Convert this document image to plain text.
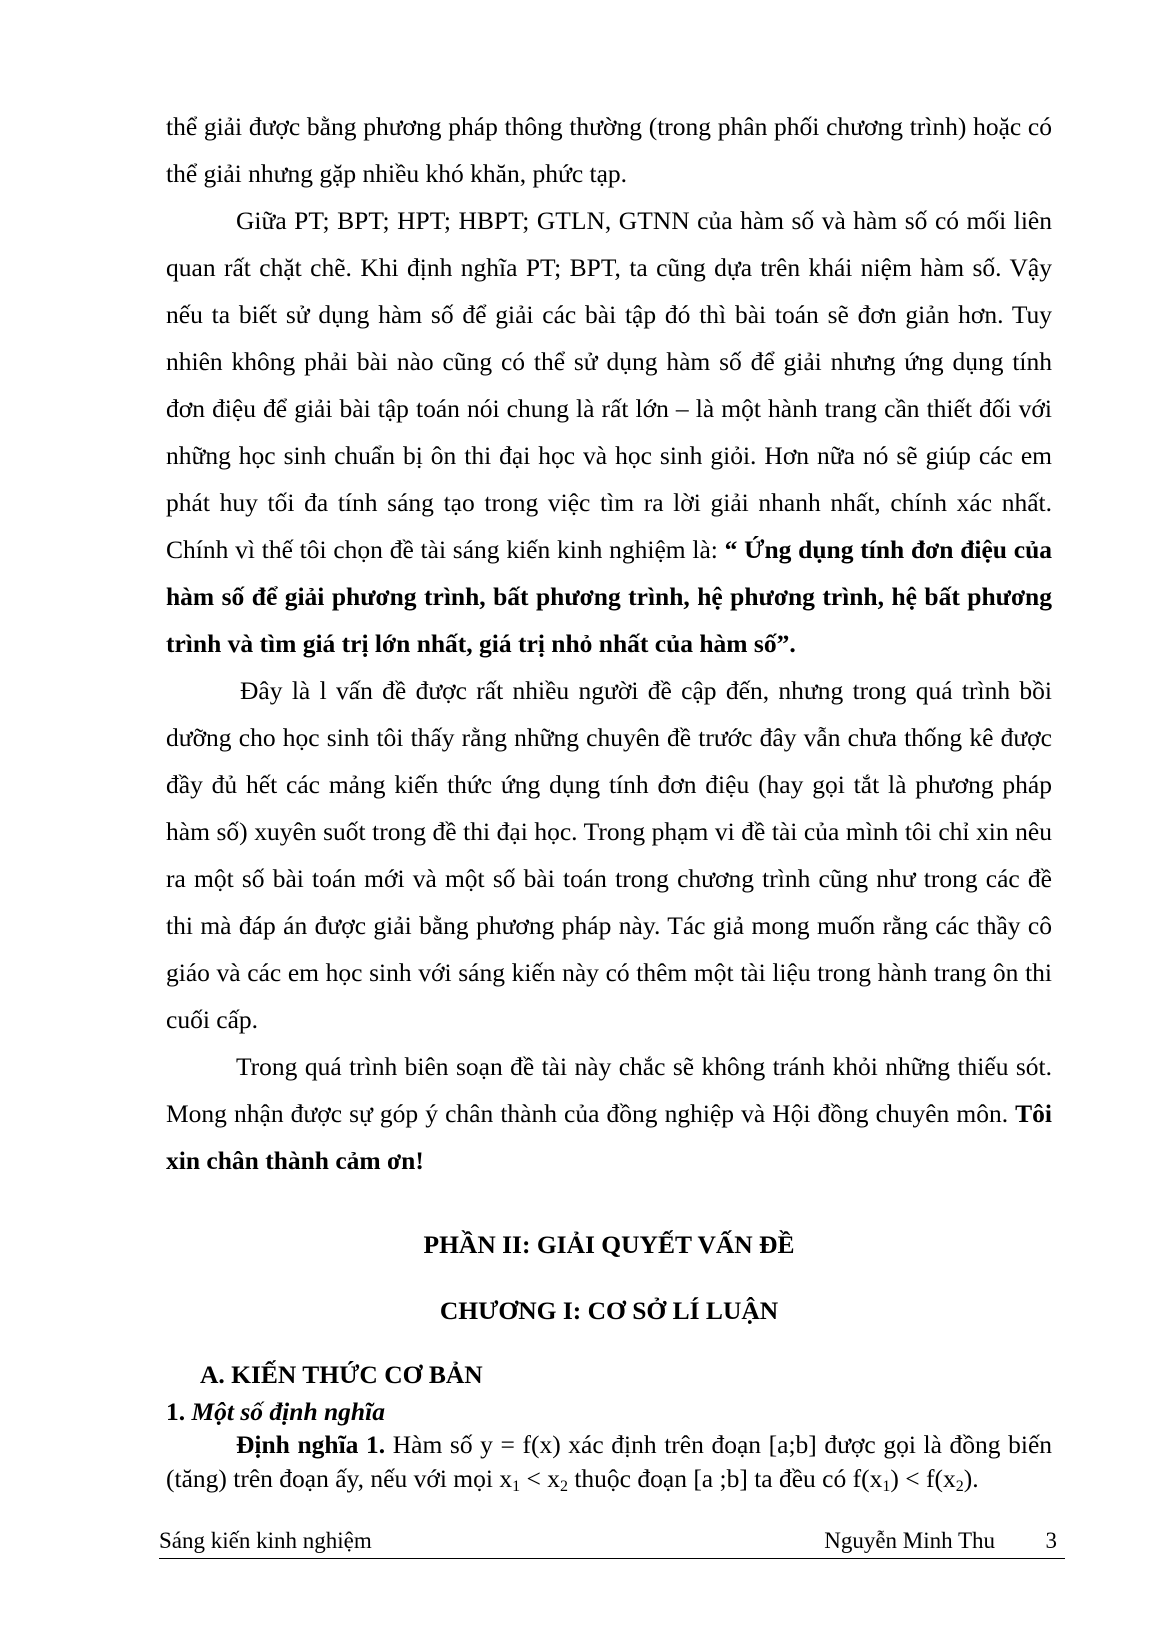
thể giải được bằng phương pháp thông thường (trong phân phối chương trình) hoặc có thể giải nhưng gặp nhiều khó khăn, phức tạp.

Giữa PT; BPT; HPT; HBPT; GTLN, GTNN của hàm số và hàm số có mối liên quan rất chặt chẽ. Khi định nghĩa PT; BPT, ta cũng dựa trên khái niệm hàm số. Vậy nếu ta biết sử dụng hàm số để giải các bài tập đó thì bài toán sẽ đơn giản hơn. Tuy nhiên không phải bài nào cũng có thể sử dụng hàm số để giải nhưng ứng dụng tính đơn điệu để giải bài tập toán nói chung là rất lớn – là một hành trang cần thiết đối với những học sinh chuẩn bị ôn thi đại học và học sinh giỏi. Hơn nữa nó sẽ giúp các em phát huy tối đa tính sáng tạo trong việc tìm ra lời giải nhanh nhất, chính xác nhất. Chính vì thế tôi chọn đề tài sáng kiến kinh nghiệm là: “ Ứng dụng tính đơn điệu của hàm số để giải phương trình, bất phương trình, hệ phương trình, hệ bất phương trình và tìm giá trị lớn nhất, giá trị nhỏ nhất của hàm số”.

Đây là l vấn đề được rất nhiều người đề cập đến, nhưng trong quá trình bồi dưỡng cho học sinh tôi thấy rằng những chuyên đề trước đây vẫn chưa thống kê được đầy đủ hết các mảng kiến thức ứng dụng tính đơn điệu (hay gọi tắt là phương pháp hàm số) xuyên suốt trong đề thi đại học. Trong phạm vi đề tài của mình tôi chỉ xin nêu ra một số bài toán mới và một số bài toán trong chương trình cũng như trong các đề thi mà đáp án được giải bằng phương pháp này. Tác giả mong muốn rằng các thầy cô giáo và các em học sinh với sáng kiến này có thêm một tài liệu trong hành trang ôn thi cuối cấp.

Trong quá trình biên soạn đề tài này chắc sẽ không tránh khỏi những thiếu sót. Mong nhận được sự góp ý chân thành của đồng nghiệp và Hội đồng chuyên môn. Tôi xin chân thành cảm ơn!

PHẦN II: GIẢI QUYẾT VẤN ĐỀ
CHƯƠNG I: CƠ SỞ LÍ LUẬN
A. KIẾN THỨC CƠ BẢN
1. Một số định nghĩa

Định nghĩa 1. Hàm số y = f(x) xác định trên đoạn [a;b] được gọi là đồng biến (tăng) trên đoạn ấy, nếu với mọi $x_1 < x_2$ thuộc đoạn [a ;b] ta đều có $f(x_1) < f(x_2)$.

Sáng kiến kinh nghiệm	Nguyễn Minh Thu 3
